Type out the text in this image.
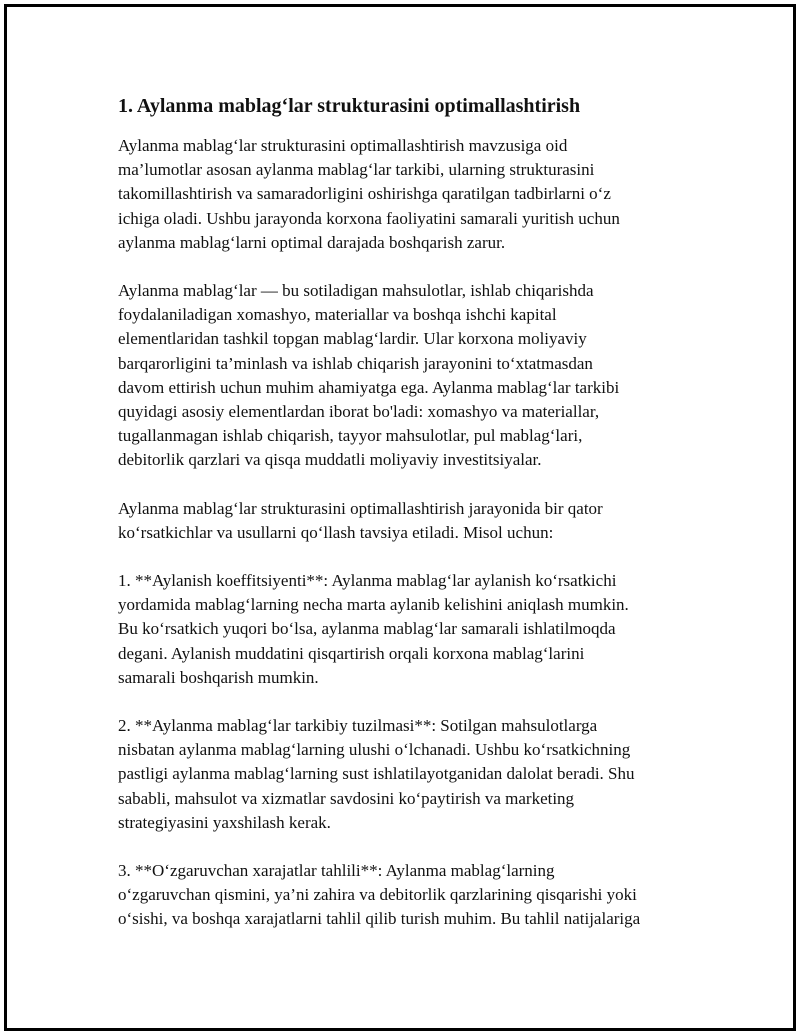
1. Aylanma mablag‘lar strukturasini optimallashtirish

Aylanma mablag‘lar strukturasini optimallashtirish mavzusiga oid
ma’lumotlar asosan aylanma mablag‘lar tarkibi, ularning strukturasini
takomillashtirish va samaradorligini oshirishga qaratilgan tadbirlarni o‘z
ichiga oladi. Ushbu jarayonda korxona faoliyatini samarali yuritish uchun
aylanma mablag‘larni optimal darajada boshqarish zarur.

Aylanma mablag‘lar — bu sotiladigan mahsulotlar, ishlab chiqarishda
foydalaniladigan xomashyo, materiallar va boshqa ishchi kapital
elementlaridan tashkil topgan mablag‘lardir. Ular korxona moliyaviy
barqarorligini ta’minlash va ishlab chiqarish jarayonini to‘xtatmasdan
davom ettirish uchun muhim ahamiyatga ega. Aylanma mablag‘lar tarkibi
quyidagi asosiy elementlardan iborat bo'ladi: xomashyo va materiallar,
tugallanmagan ishlab chiqarish, tayyor mahsulotlar, pul mablag‘lari,
debitorlik qarzlari va qisqa muddatli moliyaviy investitsiyalar.

Aylanma mablag‘lar strukturasini optimallashtirish jarayonida bir qator
ko‘rsatkichlar va usullarni qo‘llash tavsiya etiladi. Misol uchun:

1. **Aylanish koeffitsiyenti**: Aylanma mablag‘lar aylanish ko‘rsatkichi
yordamida mablag‘larning necha marta aylanib kelishini aniqlash mumkin.
Bu ko‘rsatkich yuqori bo‘lsa, aylanma mablag‘lar samarali ishlatilmoqda
degani. Aylanish muddatini qisqartirish orqali korxona mablag‘larini
samarali boshqarish mumkin.

2. **Aylanma mablag‘lar tarkibiy tuzilmasi**: Sotilgan mahsulotlarga
nisbatan aylanma mablag‘larning ulushi o‘lchanadi. Ushbu ko‘rsatkichning
pastligi aylanma mablag‘larning sust ishlatilayotganidan dalolat beradi. Shu
sababli, mahsulot va xizmatlar savdosini ko‘paytirish va marketing
strategiyasini yaxshilash kerak.

3. **O‘zgaruvchan xarajatlar tahlili**: Aylanma mablag‘larning
o‘zgaruvchan qismini, ya’ni zahira va debitorlik qarzlarining qisqarishi yoki
o‘sishi, va boshqa xarajatlarni tahlil qilib turish muhim. Bu tahlil natijalariga
